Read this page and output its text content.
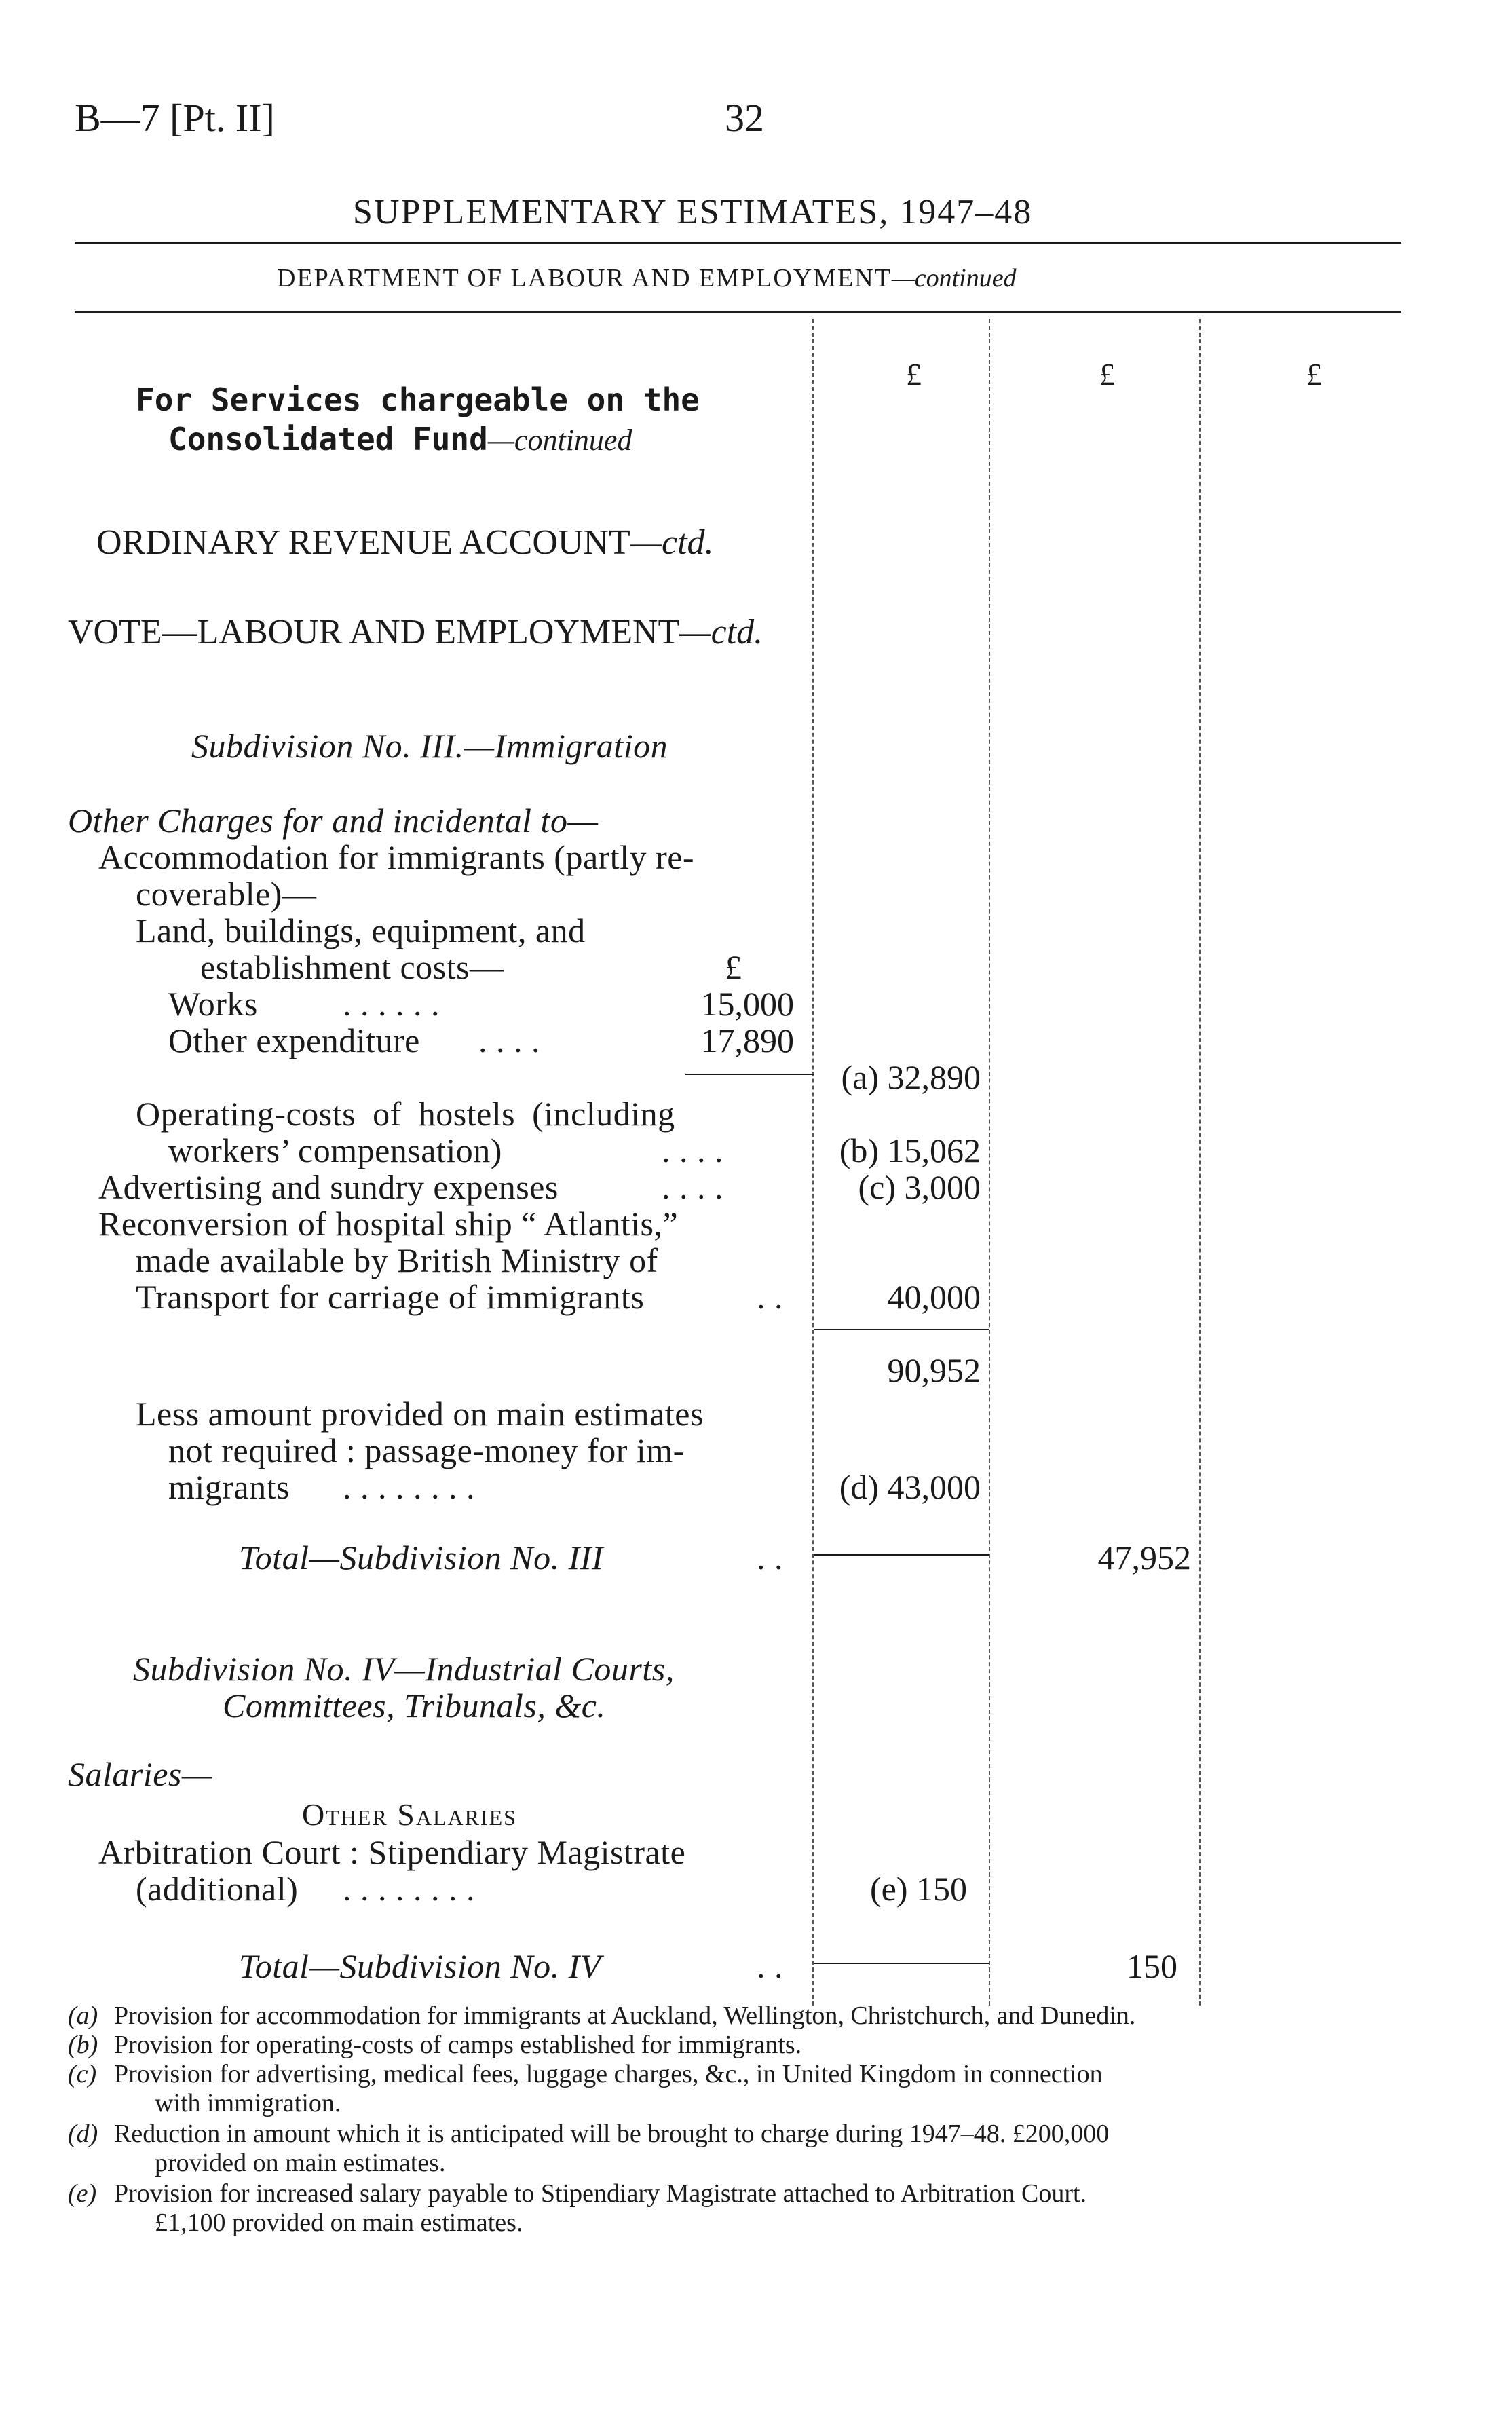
B—7 [Pt. II]	32
SUPPLEMENTARY ESTIMATES, 1947–48
DEPARTMENT OF LABOUR AND EMPLOYMENT—continued
£	£	£
For Services chargeable on the
Consolidated Fund—continued
ORDINARY REVENUE ACCOUNT—ctd.
VOTE—LABOUR AND EMPLOYMENT—ctd.
Subdivision No. III.—Immigration
Other Charges for and incidental to—
Accommodation for immigrants (partly re-
coverable)—
Land, buildings, equipment, and
establishment costs—	£
Works	. . . . . .	15,000
Other expenditure . . . .	17,890
(a) 32,890
Operating-costs of hostels (including
workers’ compensation)	. . . .	(b) 15,062
Advertising and sundry expenses	. . . .	(c) 3,000
Reconversion of hospital ship “ Atlantis,”
made available by British Ministry of
Transport for carriage of immigrants	. .	40,000
90,952
Less amount provided on main estimates
not required : passage-money for im-
migrants . . . . . . . .	(d) 43,000
Total—Subdivision No. III	. .	47,952
Subdivision No. IV—Industrial Courts,
Committees, Tribunals, &c.
Salaries—
Other Salaries
Arbitration Court : Stipendiary Magistrate
(additional) . . . . . . . .	(e) 150
Total—Subdivision No. IV	. .	150
(a) Provision for accommodation for immigrants at Auckland, Wellington, Christchurch, and Dunedin.
(b) Provision for operating-costs of camps established for immigrants.
(c) Provision for advertising, medical fees, luggage charges, &c., in United Kingdom in connection
with immigration.
(d) Reduction in amount which it is anticipated will be brought to charge during 1947–48. £200,000
provided on main estimates.
(e) Provision for increased salary payable to Stipendiary Magistrate attached to Arbitration Court.
£1,100 provided on main estimates.
